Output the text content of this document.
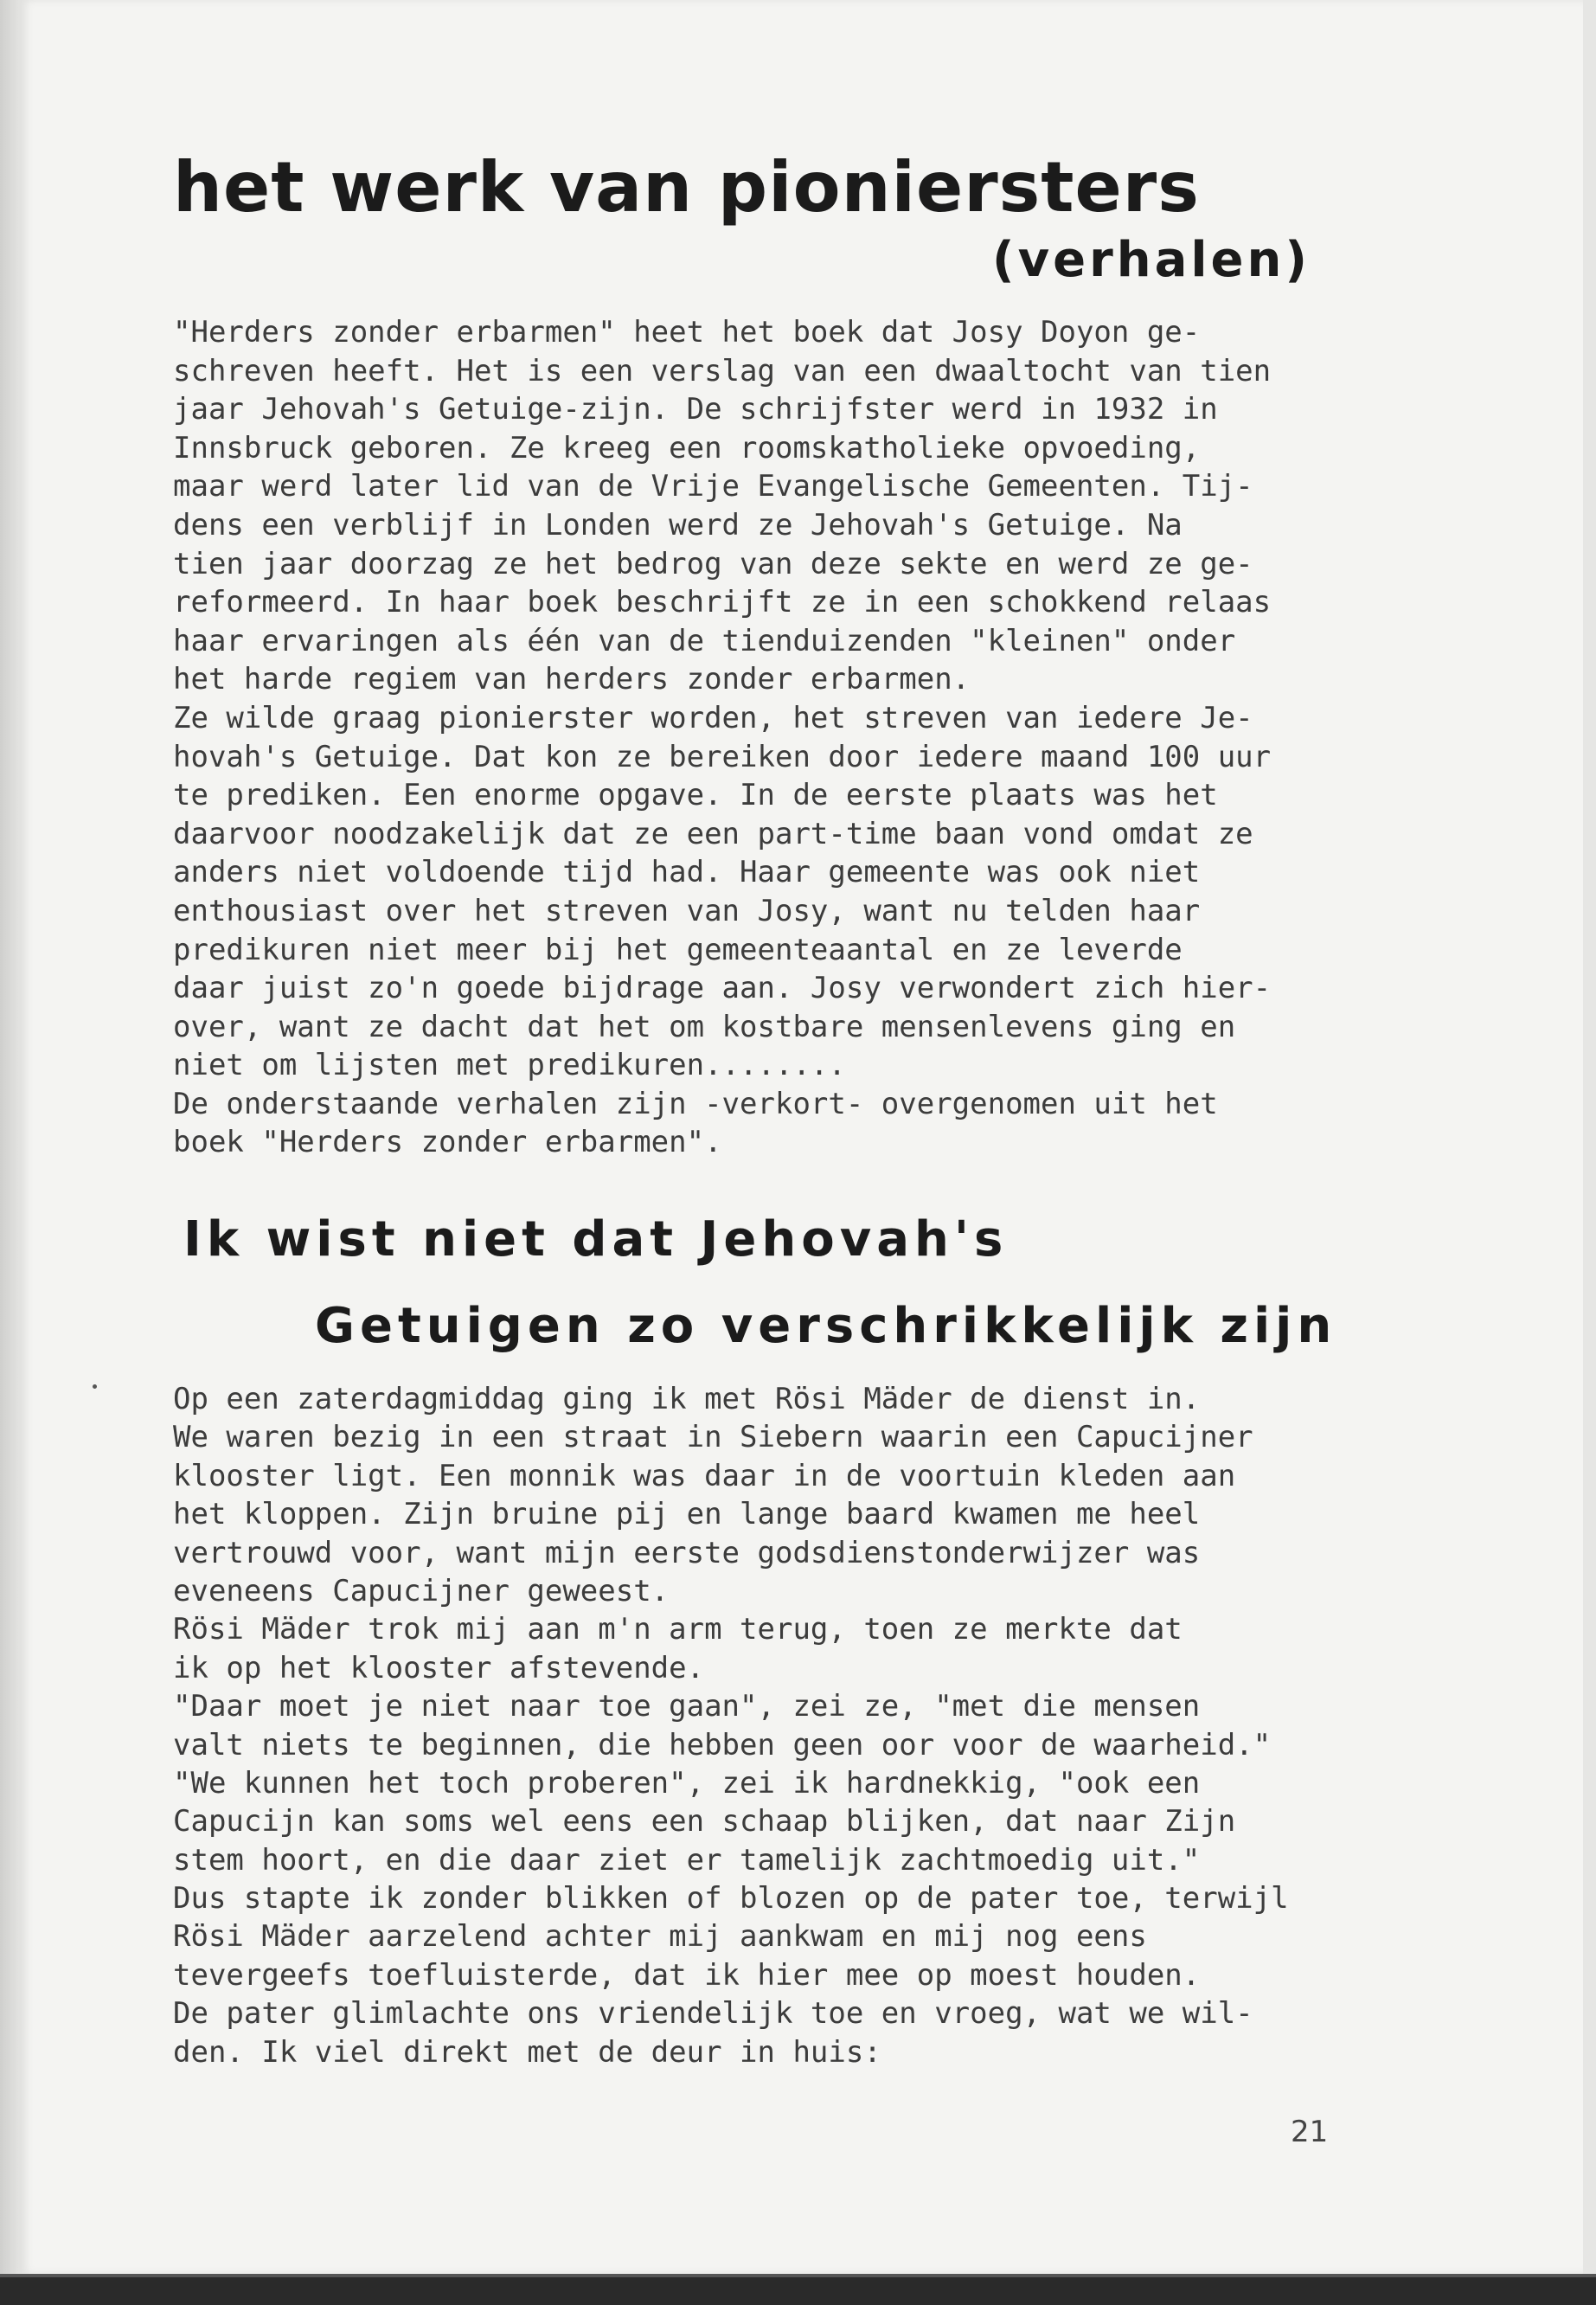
het werk van pioniersters
(verhalen)
"Herders zonder erbarmen" heet het boek dat Josy Doyon ge-
schreven heeft. Het is een verslag van een dwaaltocht van tien
jaar Jehovah's Getuige-zijn. De schrijfster werd in 1932 in
Innsbruck geboren. Ze kreeg een roomskatholieke opvoeding,
maar werd later lid van de Vrije Evangelische Gemeenten. Tij-
dens een verblijf in Londen werd ze Jehovah's Getuige. Na
tien jaar doorzag ze het bedrog van deze sekte en werd ze ge-
reformeerd. In haar boek beschrijft ze in een schokkend relaas
haar ervaringen als één van de tienduizenden "kleinen" onder
het harde regiem van herders zonder erbarmen.
Ze wilde graag pionierster worden, het streven van iedere Je-
hovah's Getuige. Dat kon ze bereiken door iedere maand 100 uur
te prediken. Een enorme opgave. In de eerste plaats was het
daarvoor noodzakelijk dat ze een part-time baan vond omdat ze
anders niet voldoende tijd had. Haar gemeente was ook niet
enthousiast over het streven van Josy, want nu telden haar
predikuren niet meer bij het gemeenteaantal en ze leverde
daar juist zo'n goede bijdrage aan. Josy verwondert zich hier-
over, want ze dacht dat het om kostbare mensenlevens ging en
niet om lijsten met predikuren........
De onderstaande verhalen zijn -verkort- overgenomen uit het
boek "Herders zonder erbarmen".
Ik wist niet dat Jehovah's
Getuigen zo verschrikkelijk zijn
Op een zaterdagmiddag ging ik met Rösi Mäder de dienst in.
We waren bezig in een straat in Siebern waarin een Capucijner
klooster ligt. Een monnik was daar in de voortuin kleden aan
het kloppen. Zijn bruine pij en lange baard kwamen me heel
vertrouwd voor, want mijn eerste godsdienstonderwijzer was
eveneens Capucijner geweest.
Rösi Mäder trok mij aan m'n arm terug, toen ze merkte dat
ik op het klooster afstevende.
"Daar moet je niet naar toe gaan", zei ze, "met die mensen
valt niets te beginnen, die hebben geen oor voor de waarheid."
"We kunnen het toch proberen", zei ik hardnekkig, "ook een
Capucijn kan soms wel eens een schaap blijken, dat naar Zijn
stem hoort, en die daar ziet er tamelijk zachtmoedig uit."
Dus stapte ik zonder blikken of blozen op de pater toe, terwijl
Rösi Mäder aarzelend achter mij aankwam en mij nog eens
tevergeefs toefluisterde, dat ik hier mee op moest houden.
De pater glimlachte ons vriendelijk toe en vroeg, wat we wil-
den. Ik viel direkt met de deur in huis:
21
